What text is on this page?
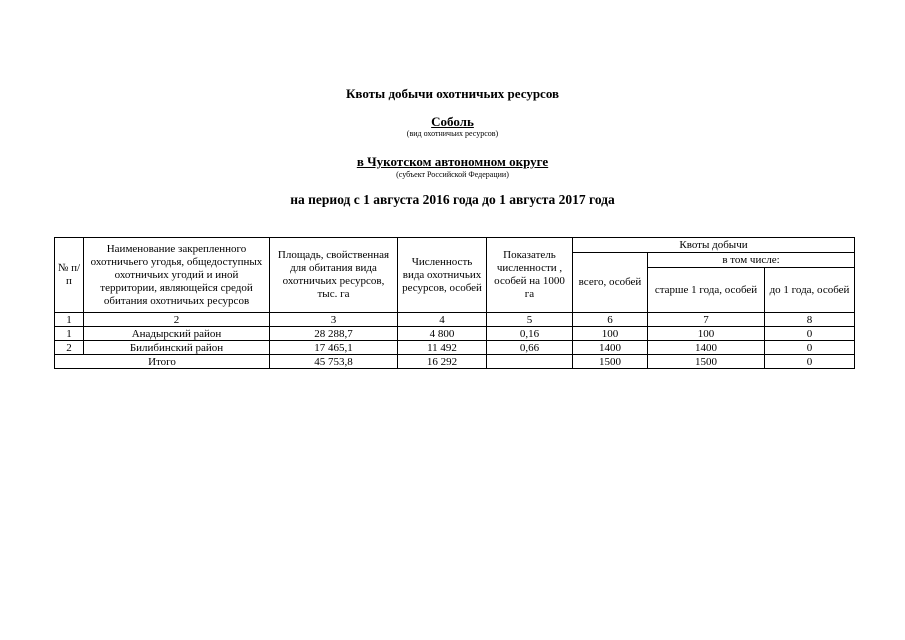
Квоты добычи охотничьих ресурсов
Соболь
(вид охотничьих ресурсов)
в Чукотском автономном округе
(субъект Российской Федерации)
на период с 1 августа 2016 года до 1 августа 2017 года
№ п/п	Наименование закрепленного охотничьего угодья, общедоступных охотничьих угодий и иной территории, являющейся средой обитания охотничьих ресурсов	Площадь, свойственная для обитания вида охотничьих ресурсов, тыс. га	Численность вида охотничьих ресурсов, особей	Показатель численности , особей на 1000 га	Квоты добычи		
					всего, особей	в том числе:	
						старше 1 года, особей	до 1 года, особей
1	2	3	4	5	6	7	8
1	Анадырский район	28 288,7	4 800	0,16	100	100	0
2	Билибинский район	17 465,1	11 492	0,66	1400	1400	0
Итого		45 753,8	16 292		1500	1500	0
